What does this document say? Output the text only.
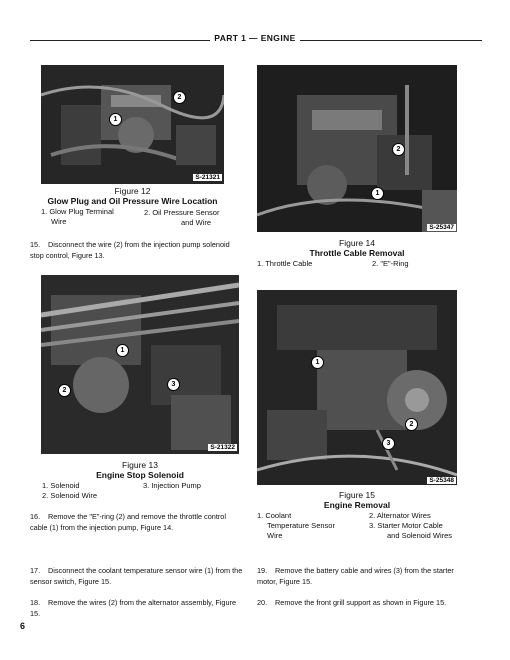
PART 1 — ENGINE
2
1
S-21321
Figure 12
Glow Plug and Oil Pressure Wire Location
1. Glow Plug Terminal
Wire
2. Oil Pressure Sensor
and Wire
15. Disconnect the wire (2) from the injection pump solenoid stop control, Figure 13.
2
1
S-25347
Figure 14
Throttle Cable Removal
1. Throttle Cable	2. "E"-Ring
1
2
3
S-21322
Figure 13
Engine Stop Solenoid
1. Solenoid	3. Injection Pump
2. Solenoid Wire
16. Remove the "E"-ring (2) and remove the throttle control cable (1) from the injection pump, Figure 14.
1
2
3
S-25348
Figure 15
Engine Removal
1. Coolant
Temperature Sensor
Wire
2. Alternator Wires
3. Starter Motor Cable
and Solenoid Wires
17. Disconnect the coolant temperature sensor wire (1) from the sensor switch, Figure 15.
18. Remove the wires (2) from the alternator assembly, Figure 15.
19. Remove the battery cable and wires (3) from the starter motor, Figure 15.
20. Remove the front grill support as shown in Figure 15.
6
